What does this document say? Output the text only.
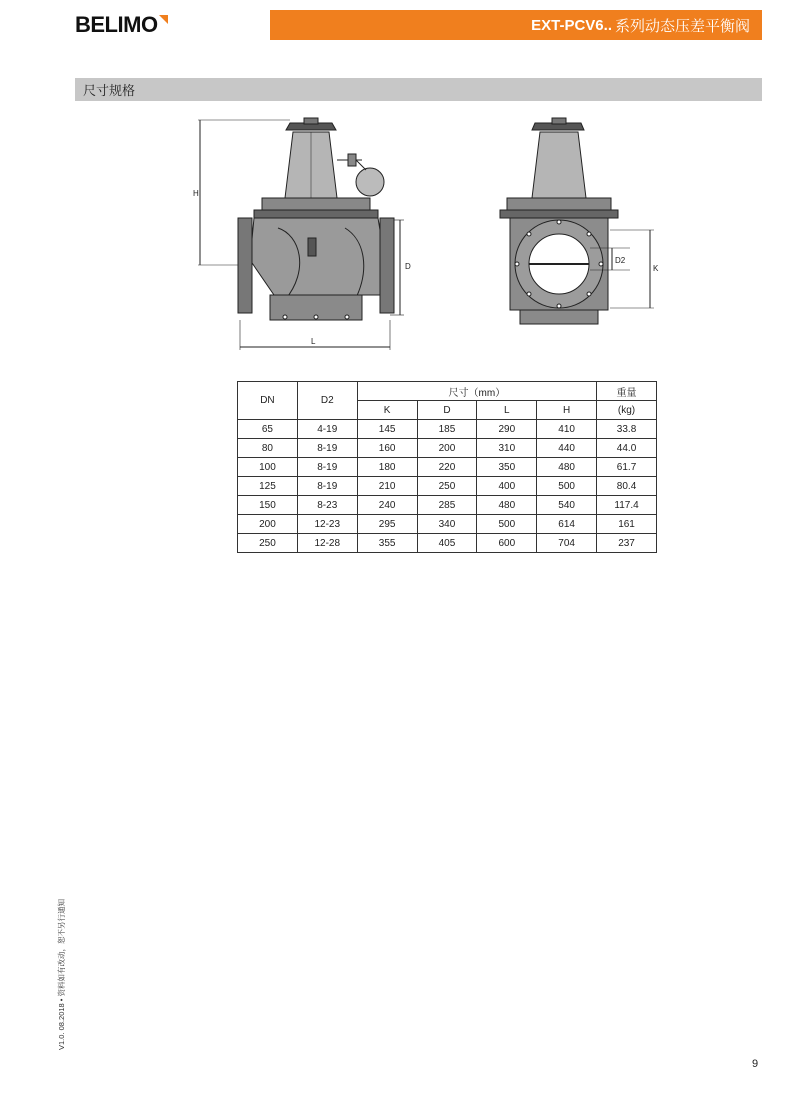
BELIMO	EXT-PCV6.. 系列动态压差平衡阀
尺寸规格
H
D
L
D2
K
DN	D2	尺寸（mm）				重量
		K	D	L	H	(kg)
65	4-19	145	185	290	410	33.8
80	8-19	160	200	310	440	44.0
100	8-19	180	220	350	480	61.7
125	8-19	210	250	400	500	80.4
150	8-23	240	285	480	540	117.4
200	12-23	295	340	500	614	161
250	12-28	355	405	600	704	237
V1.0. 08.2018 • 资料如有改动，恕不另行通知
9
